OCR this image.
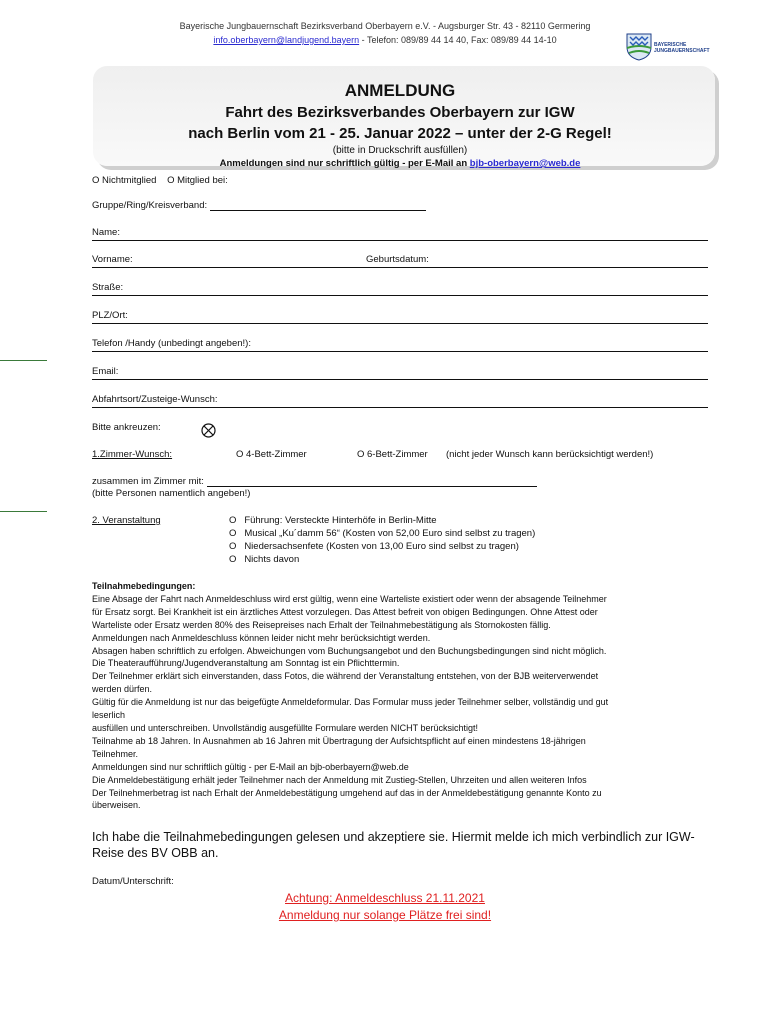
Bayerische Jungbauernschaft Bezirksverband Oberbayern e.V. - Augsburger Str. 43 - 82110 Germering
info.oberbayern@landjugend.bayern - Telefon: 089/89 44 14 40, Fax: 089/89 44 14-10	BAYERISCHE JUNGBAUERNSCHAFT
ANMELDUNG
Fahrt des Bezirksverbandes Oberbayern zur IGW
nach Berlin vom 21 - 25. Januar 2022 – unter der 2-G Regel!
(bitte in Druckschrift ausfüllen)
Anmeldungen sind nur schriftlich gültig - per E-Mail an bjb-oberbayern@web.de
O Nichtmitglied O Mitglied bei:
Gruppe/Ring/Kreisverband:
Name:
Vorname:	Geburtsdatum:
Straße:
PLZ/Ort:
Telefon /Handy (unbedingt angeben!):
Email:
Abfahrtsort/Zusteige-Wunsch:
Bitte ankreuzen:
1.Zimmer-Wunsch:	O 4-Bett-Zimmer	O 6-Bett-Zimmer (nicht jeder Wunsch kann berücksichtigt werden!)
zusammen im Zimmer mit:
(bitte Personen namentlich angeben!)
2. Veranstaltung	O   Führung: Versteckte Hinterhöfe in Berlin-Mitte
O   Musical „Ku´damm 56“ (Kosten von 52,00 Euro sind selbst zu tragen)
O   Niedersachsenfete (Kosten von 13,00 Euro sind selbst zu tragen)
O   Nichts davon
Teilnahmebedingungen:
Eine Absage der Fahrt nach Anmeldeschluss wird erst gültig, wenn eine Warteliste existiert oder wenn der absagende Teilnehmer
für Ersatz sorgt. Bei Krankheit ist ein ärztliches Attest vorzulegen. Das Attest befreit von obigen Bedingungen. Ohne Attest oder
Warteliste oder Ersatz werden 80% des Reisepreises nach Erhalt der Teilnahmebestätigung als Stornokosten fällig.
Anmeldungen nach Anmeldeschluss können leider nicht mehr berücksichtigt werden.
Absagen haben schriftlich zu erfolgen. Abweichungen vom Buchungsangebot und den Buchungsbedingungen sind nicht möglich.
Die Theateraufführung/Jugendveranstaltung am Sonntag ist ein Pflichttermin.
Der Teilnehmer erklärt sich einverstanden, dass Fotos, die während der Veranstaltung entstehen, von der BJB weiterverwendet
werden dürfen.
Gültig für die Anmeldung ist nur das beigefügte Anmeldeformular. Das Formular muss jeder Teilnehmer selber, vollständig und gut
leserlich
ausfüllen und unterschreiben. Unvollständig ausgefüllte Formulare werden NICHT berücksichtigt!
Teilnahme ab 18 Jahren. In Ausnahmen ab 16 Jahren mit Übertragung der Aufsichtspflicht auf einen mindestens 18-jährigen
Teilnehmer.
Anmeldungen sind nur schriftlich gültig - per E-Mail an bjb-oberbayern@web.de
Die Anmeldebestätigung erhält jeder Teilnehmer nach der Anmeldung mit Zustieg-Stellen, Uhrzeiten und allen weiteren Infos
Der Teilnehmerbetrag ist nach Erhalt der Anmeldebestätigung umgehend auf das in der Anmeldebestätigung genannte Konto zu
überweisen.
Ich habe die Teilnahmebedingungen gelesen und akzeptiere sie. Hiermit melde ich mich verbindlich zur IGW-Reise des BV OBB an.
Datum/Unterschrift:
Achtung: Anmeldeschluss 21.11.2021
Anmeldung nur solange Plätze frei sind!
